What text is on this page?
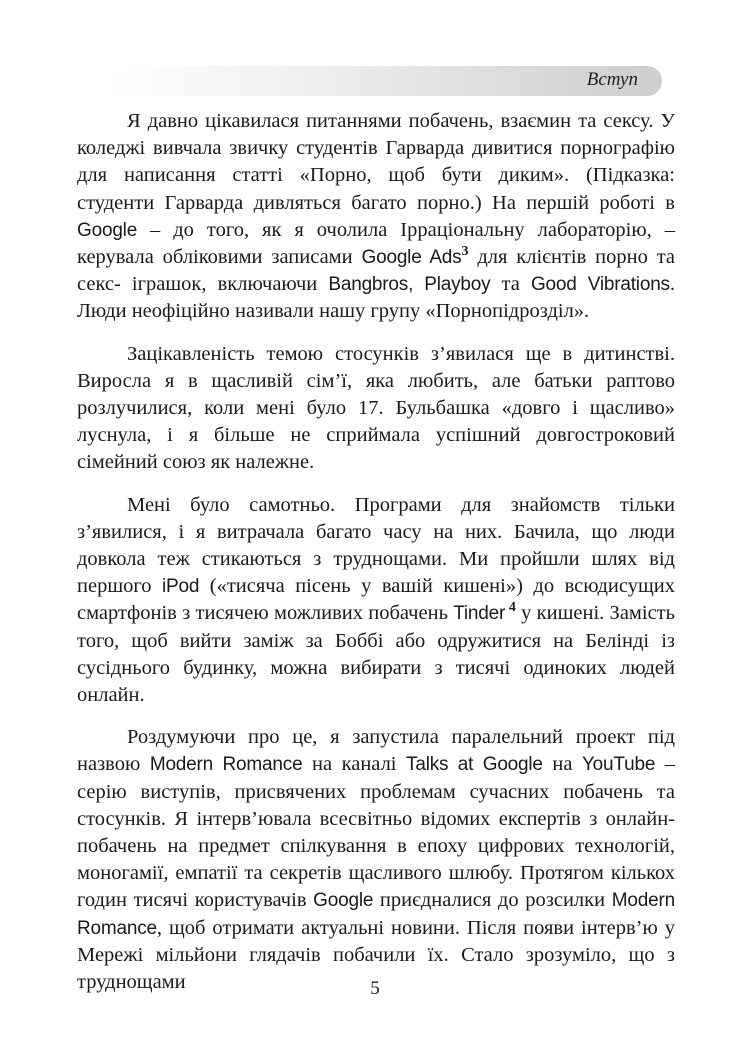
Вступ

Я давно цікавилася питаннями побачень, взаємин та сексу. У коледжі вивчала звичку студентів Гарварда дивитися порнографію для написання статті «Порно, щоб бути диким». (Підказка: студенти Гарварда дивляться багато порно.) На першій роботі в Google – до того, як я очолила Ірраціональну лабораторію, – керувала обліковими записами Google Ads$^3$ для клієнтів порно та секс- іграшок, включаючи Bangbros, Playboy та Good Vibrations. Люди неофіційно називали нашу групу «Порнопідрозділ».

Зацікавленість темою стосунків з’явилася ще в дитинстві. Виросла я в щасливій сім’ї, яка любить, але батьки раптово розлучилися, коли мені було 17. Бульбашка «довго і щасливо» луснула, і я більше не сприймала успішний довгостроковий сімейний союз як належне.

Мені було самотньо. Програми для знайомств тільки з’явилися, і я витрачала багато часу на них. Бачила, що люди довкола теж стикаються з труднощами. Ми пройшли шлях від першого iPod («тисяча пісень у вашій кишені») до всюдисущих смартфонів з тисячею можливих побачень Tinder $^4$ у кишені. Замість того, щоб вийти заміж за Боббі або одружитися на Белінді із сусіднього будинку, можна вибирати з тисячі одиноких людей онлайн.

Роздумуючи про це, я запустила паралельний проект під назвою Modern Romance на каналі Talks at Google на YouTube – серію виступів, присвячених проблемам сучасних побачень та стосунків. Я інтерв’ювала всесвітньо відомих експертів з онлайн-побачень на предмет спілкування в епоху цифрових технологій, моногамії, емпатії та секретів щасливого шлюбу. Протягом кількох годин тисячі користувачів Google приєдналися до розсилки Modern Romance, щоб отримати актуальні новини. Після появи інтерв’ю у Мережі мільйони глядачів побачили їх. Стало зрозуміло, що з труднощами	5
